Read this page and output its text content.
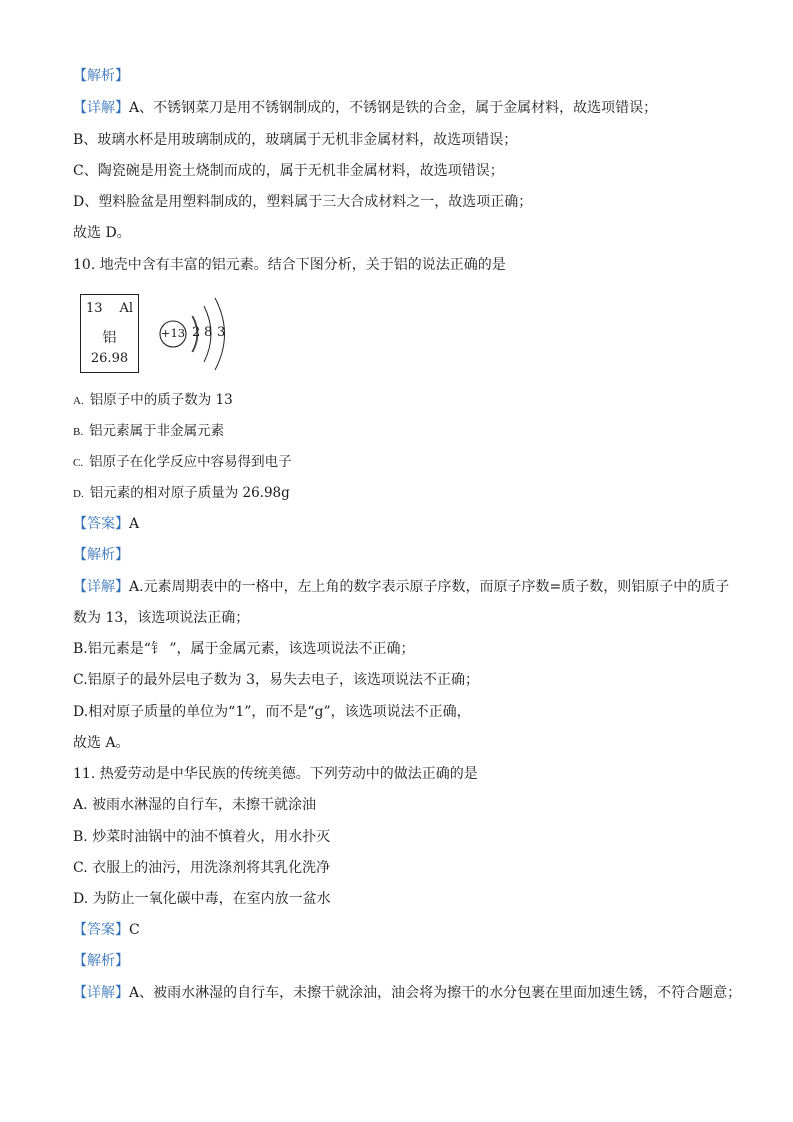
【解析】
【详解】A、不锈钢菜刀是用不锈钢制成的，不锈钢是铁的合金，属于金属材料，故选项错误；
B、玻璃水杯是用玻璃制成的，玻璃属于无机非金属材料，故选项错误；
C、陶瓷碗是用瓷土烧制而成的，属于无机非金属材料，故选项错误；
D、塑料脸盆是用塑料制成的，塑料属于三大合成材料之一，故选项正确；
故选 D。
10. 地壳中含有丰富的铝元素。结合下图分析，关于铝的说法正确的是
13 Al
铝
26.98
+13 2 8 3
A. 铝原子中的质子数为 13
B. 铝元素属于非金属元素
C. 铝原子在化学反应中容易得到电子
D. 铝元素的相对原子质量为 26.98g
【答案】A
【解析】
【详解】A.元素周期表中的一格中，左上角的数字表示原子序数，而原子序数=质子数，则铝原子中的质子
数为 13，该选项说法正确；
B.铝元素是“钅 ”，属于金属元素，该选项说法不正确；
C.铝原子的最外层电子数为 3，易失去电子，该选项说法不正确；
D.相对原子质量的单位为“1”，而不是“g”，该选项说法不正确，
故选 A。
11. 热爱劳动是中华民族的传统美德。下列劳动中的做法正确的是
A. 被雨水淋湿的自行车，未擦干就涂油
B. 炒菜时油锅中的油不慎着火，用水扑灭
C. 衣服上的油污，用洗涤剂将其乳化洗净
D. 为防止一氧化碳中毒，在室内放一盆水
【答案】C
【解析】
【详解】A、被雨水淋湿的自行车，未擦干就涂油，油会将为擦干的水分包裹在里面加速生锈，不符合题意；
